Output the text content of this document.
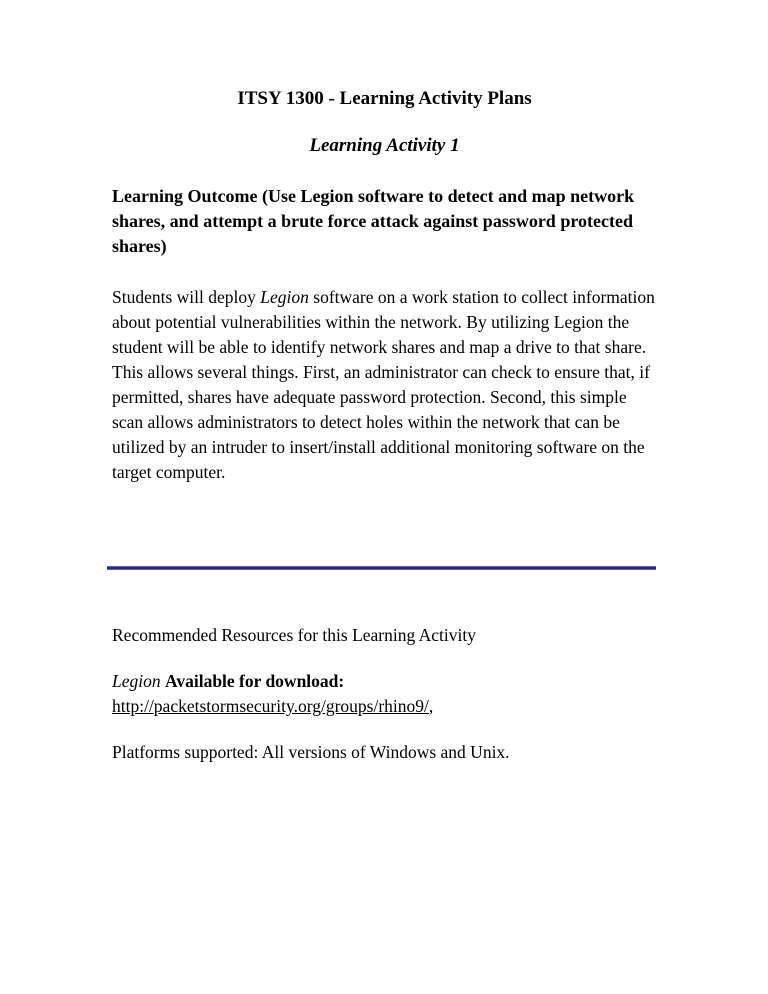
ITSY 1300 - Learning Activity Plans
Learning Activity 1

Learning Outcome (Use Legion software to detect and map network shares, and attempt a brute force attack against password protected shares)

Students will deploy Legion software on a work station to collect information about potential vulnerabilities within the network. By utilizing Legion the student will be able to identify network shares and map a drive to that share. This allows several things. First, an administrator can check to ensure that, if permitted, shares have adequate password protection. Second, this simple scan allows administrators to detect holes within the network that can be utilized by an intruder to insert/install additional monitoring software on the target computer.

Recommended Resources for this Learning Activity

Legion Available for download:
http://packetstormsecurity.org/groups/rhino9/,

Platforms supported: All versions of Windows and Unix.
